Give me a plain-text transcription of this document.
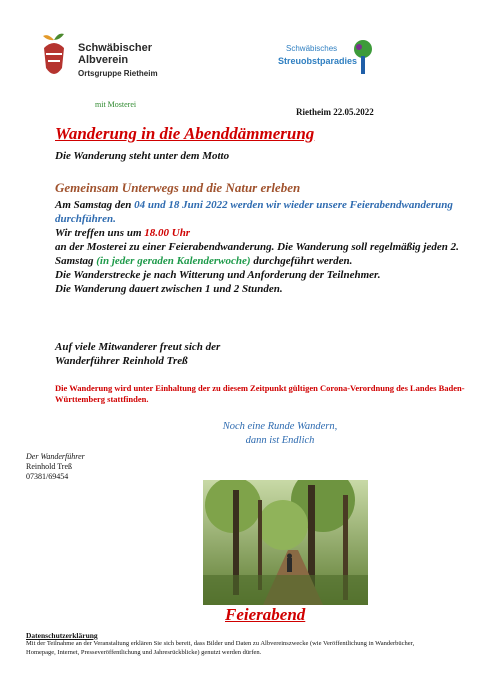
Schwäbischer
Albverein
Ortsgruppe Rietheim
mit Mosterei
Schwäbisches
Streuobstparadies
Rietheim 22.05.2022
Wanderung in die Abenddämmerung
Die Wanderung steht unter dem Motto
Gemeinsam Unterwegs und die Natur erleben
Am Samstag den 04 und 18 Juni 2022 werden wir wieder unsere Feierabendwanderung durchführen.
Wir treffen uns um 18.00 Uhr
an der Mosterei zu einer Feierabendwanderung. Die Wanderung soll regelmäßig jeden 2. Samstag (in jeder geraden Kalenderwoche) durchgeführt werden.
Die Wanderstrecke je nach Witterung und Anforderung der Teilnehmer.
Die Wanderung dauert zwischen 1 und 2 Stunden.
Auf viele Mitwanderer freut sich der
Wanderführer Reinhold Treß
Die Wanderung wird unter Einhaltung der zu diesem Zeitpunkt gültigen Corona-Verordnung des Landes Baden-Württemberg stattfinden.
Noch eine Runde Wandern,
dann ist Endlich
Der Wanderführer
Reinhold Treß
07381/69454
Feierabend
Datenschutzerklärung
Mit der Teilnahme an der Veranstaltung erklären Sie sich bereit, dass Bilder und Daten zu Albvereinszwecke (wie Veröffentlichung in Wanderbücher, Homepage, Internet, Presseveröffentlichung und Jahresrückblicke) genutzt werden dürfen.
